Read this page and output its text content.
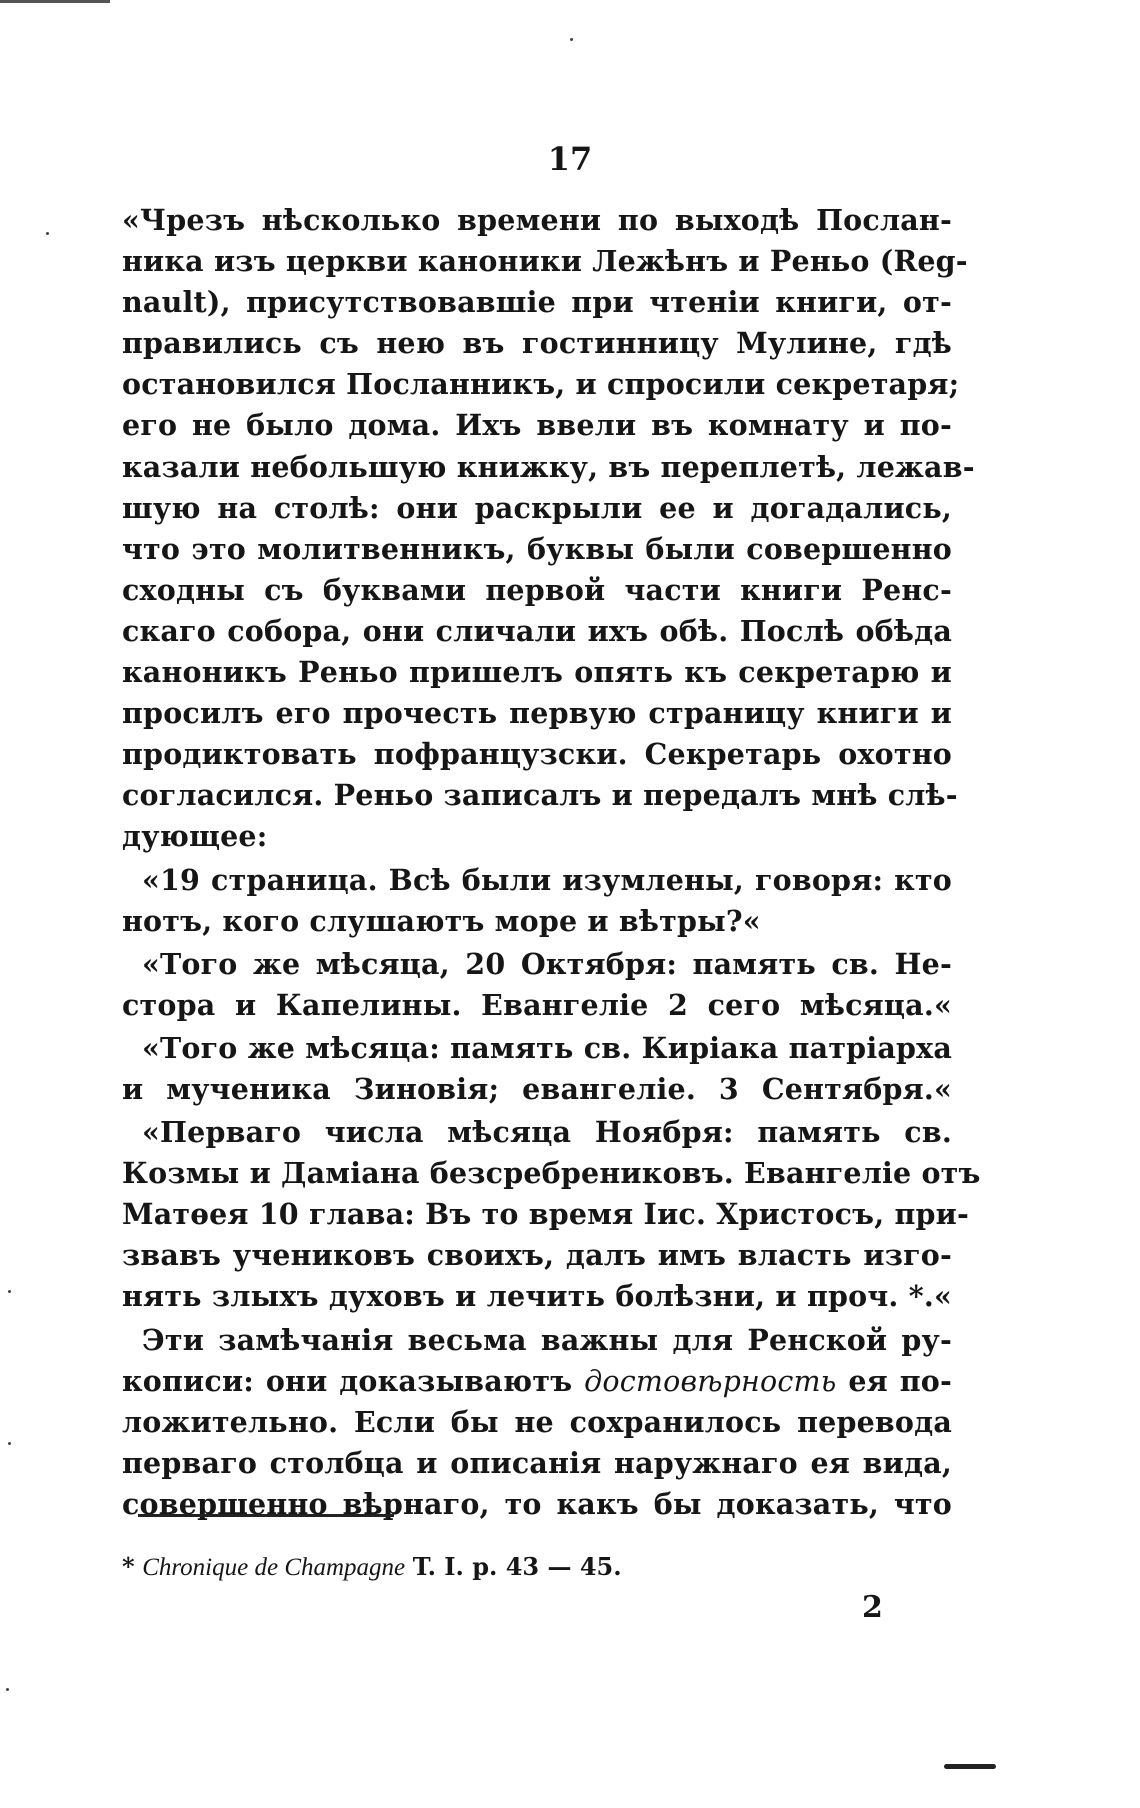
17
«Чрезъ нѣсколько времени по выходѣ Послан-
ника изъ церкви каноники Лежѣнъ и Реньо (Reg-
nault), присутствовавшіе при чтеніи книги, от-
правились съ нею въ гостинницу Мулине, гдѣ
остановился Посланникъ, и спросили секретаря;
его не было дома. Ихъ ввели въ комнату и по-
казали небольшую книжку, въ переплетѣ, лежав-
шую на столѣ: они раскрыли ее и догадались,
что это молитвенникъ, буквы были совершенно
сходны съ буквами первой части книги Ренс-
скаго собора, они сличали ихъ обѣ. Послѣ обѣда
каноникъ Реньо пришелъ опять къ секретарю и
просилъ его прочесть первую страницу книги и
продиктовать пофранцузски. Секретарь охотно
согласился. Реньо записалъ и передалъ мнѣ слѣ-
дующее:
«19 страница. Всѣ были изумлены, говоря: кто
нотъ, кого слушаютъ море и вѣтры?«
«Того же мѣсяца, 20 Октября: память св. Не-
стора и Капелины. Евангеліе 2 сего мѣсяца.«
«Того же мѣсяца: память св. Киріака патріарха
и мученика Зиновія; евангеліе. 3 Сентября.«
«Перваго числа мѣсяца Ноября: память св.
Козмы и Даміана безсребрениковъ. Евангеліе отъ
Матѳея 10 глава: Въ то время Іис. Христосъ, при-
звавъ учениковъ своихъ, далъ имъ власть изго-
нять злыхъ духовъ и лечить болѣзни, и проч. *.«
Эти замѣчанія весьма важны для Ренской ру-
кописи: они доказываютъ достовѣрность ея по-
ложительно. Если бы не сохранилось перевода
перваго столбца и описанія наружнаго ея вида,
совершенно вѣрнаго, то какъ бы доказать, что
* Chronique de Champagne T. I. p. 43 — 45.
2
